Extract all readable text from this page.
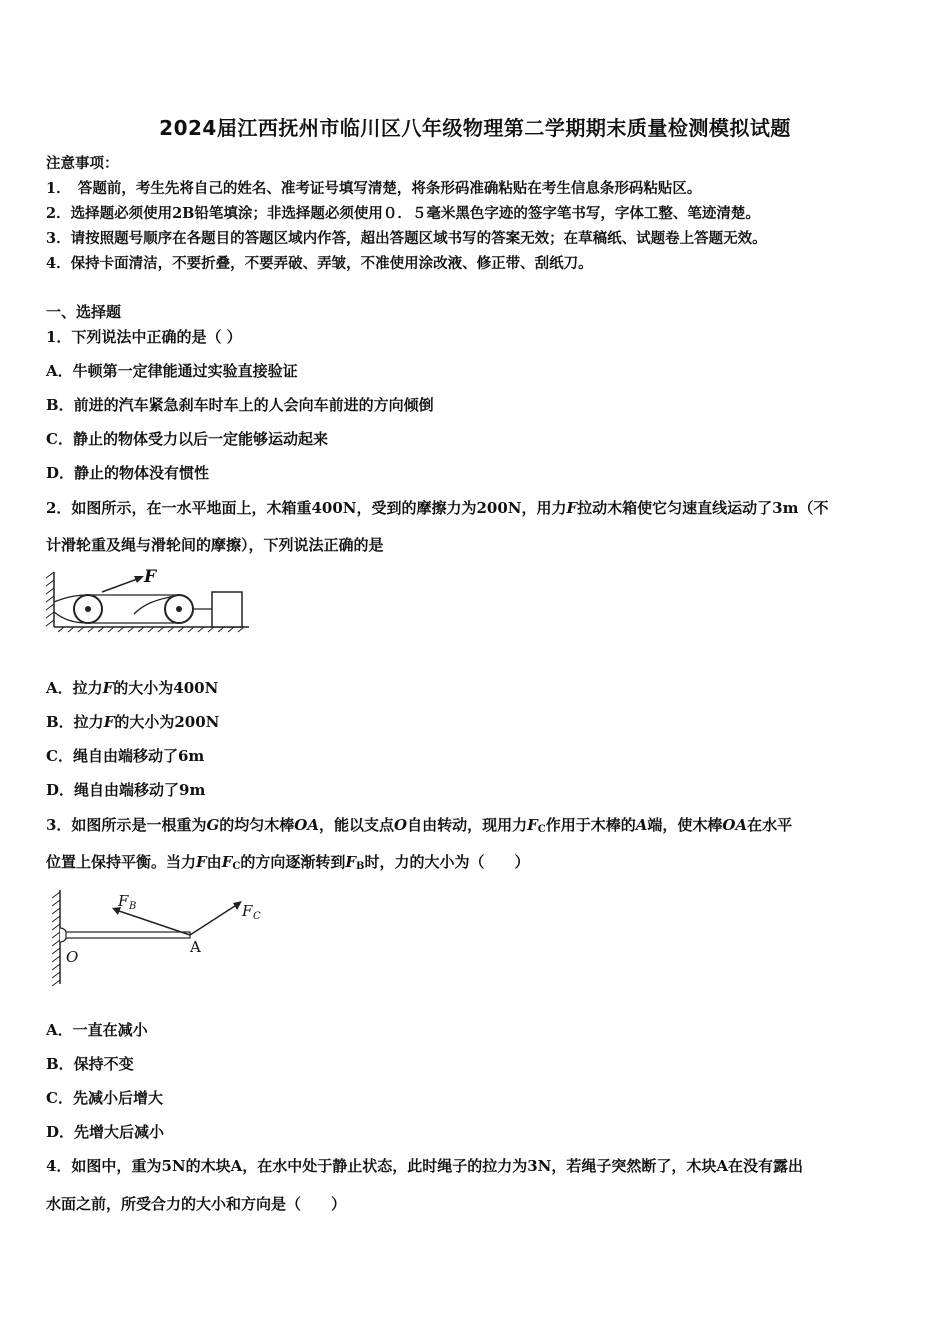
2024届江西抚州市临川区八年级物理第二学期期末质量检测模拟试题
注意事项：
1．　答题前，考生先将自己的姓名、准考证号填写清楚，将条形码准确粘贴在考生信息条形码粘贴区。
2．选择题必须使用2B铅笔填涂；非选择题必须使用０．５毫米黑色字迹的签字笔书写，字体工整、笔迹清楚。
3．请按照题号顺序在各题目的答题区域内作答，超出答题区域书写的答案无效；在草稿纸、试题卷上答题无效。
4．保持卡面清洁，不要折叠，不要弄破、弄皱，不准使用涂改液、修正带、刮纸刀。
一、选择题
1．下列说法中正确的是（ ）
A．牛顿第一定律能通过实验直接验证
B．前进的汽车紧急刹车时车上的人会向车前进的方向倾倒
C．静止的物体受力以后一定能够运动起来
D．静止的物体没有惯性
2．如图所示，在一水平地面上，木箱重400N，受到的摩擦力为200N，用力F拉动木箱使它匀速直线运动了3m（不
计滑轮重及绳与滑轮间的摩擦），下列说法正确的是
F
A．拉力F的大小为400N
B．拉力F的大小为200N
C．绳自由端移动了6m
D．绳自由端移动了9m
3．如图所示是一根重为G的均匀木棒OA，能以支点O自由转动，现用力$F_C$作用于木棒的A端，使木棒OA在水平
位置上保持平衡。当力F由$F_C$的方向逐渐转到$F_B$时，力的大小为（　　）
F B	F C
O
A
A．一直在减小
B．保持不变
C．先减小后增大
D．先增大后减小
4．如图中，重为5N的木块A，在水中处于静止状态，此时绳子的拉力为3N，若绳子突然断了，木块A在没有露出
水面之前，所受合力的大小和方向是（　　）
